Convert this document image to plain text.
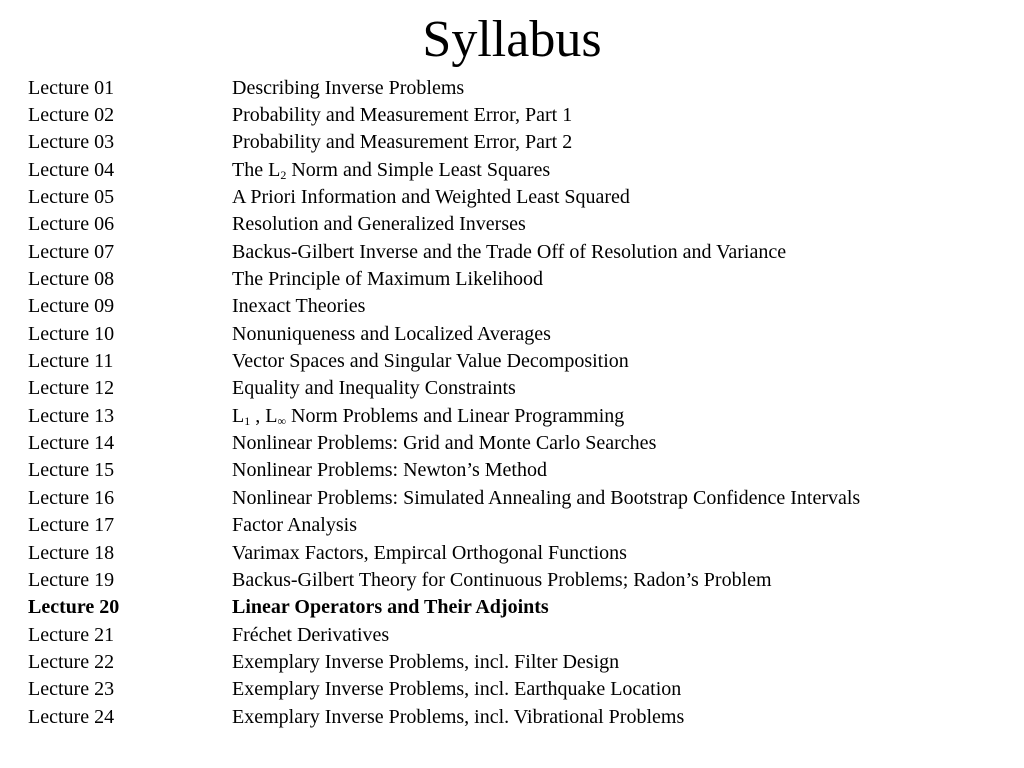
Syllabus
Lecture 01	Describing Inverse Problems
Lecture 02	Probability and Measurement Error, Part 1
Lecture 03	Probability and Measurement Error, Part 2
Lecture 04	The $L_2$ Norm and Simple Least Squares
Lecture 05	A Priori Information and Weighted Least Squared
Lecture 06	Resolution and Generalized Inverses
Lecture 07	Backus-Gilbert Inverse and the Trade Off of Resolution and Variance
Lecture 08	The Principle of Maximum Likelihood
Lecture 09	Inexact Theories
Lecture 10	Nonuniqueness and Localized Averages
Lecture 11	Vector Spaces and Singular Value Decomposition
Lecture 12	Equality and Inequality Constraints
Lecture 13	$L_1$ , $L_\infty$ Norm Problems and Linear Programming
Lecture 14	Nonlinear Problems: Grid and Monte Carlo Searches
Lecture 15	Nonlinear Problems: Newton’s Method
Lecture 16	Nonlinear Problems: Simulated Annealing and Bootstrap Confidence Intervals
Lecture 17	Factor Analysis
Lecture 18	Varimax Factors, Empircal Orthogonal Functions
Lecture 19	Backus-Gilbert Theory for Continuous Problems; Radon’s Problem
Lecture 20	Linear Operators and Their Adjoints
Lecture 21	Fréchet Derivatives
Lecture 22	Exemplary Inverse Problems, incl. Filter Design
Lecture 23	Exemplary Inverse Problems, incl. Earthquake Location
Lecture 24	Exemplary Inverse Problems, incl. Vibrational Problems
